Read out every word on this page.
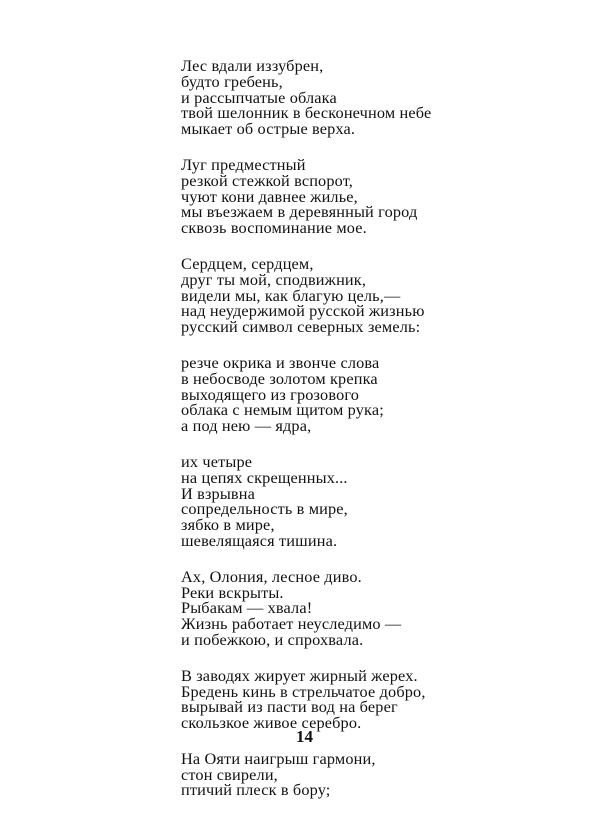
Лес вдали иззубрен,
будто гребень,
и рассыпчатые облака
твой шелонник в бесконечном небе
мыкает об острые верха.
Луг предместный
резкой стежкой вспорот,
чуют кони давнее жилье,
мы въезжаем в деревянный город
сквозь воспоминание мое.
Сердцем, сердцем,
друг ты мой, сподвижник,
видели мы, как благую цель,—
над неудержимой русской жизнью
русский символ северных земель:
резче окрика и звонче слова
в небосводе золотом крепка
выходящего из грозового
облака с немым щитом рука;
а под нею — ядра,
их четыре
на цепях скрещенных...
И взрывна
сопредельность в мире,
зябко в мире,
шевелящаяся тишина.
Ах, Олония, лесное диво.
Реки вскрыты.
Рыбакам — хвала!
Жизнь работает неуследимо —
и побежкою, и спрохвала.
В заводях жирует жирный жерех.
Бредень кинь в стрельчатое добро,
вырывай из пасти вод на берег
скользкое живое серебро.
На Ояти наигрыш гармони,
стон свирели,
птичий плеск в бору;
14
